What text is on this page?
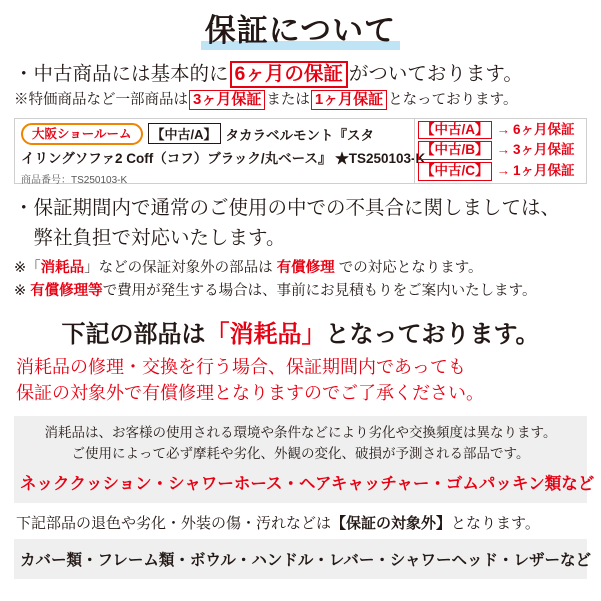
保証について
・中古商品には基本的に 6ヶ月の保証 がついております。
※特価商品など一部商品は 3ヶ月保証 または 1ヶ月保証 となっております。
大阪ショールーム	【中古/A】 タカラベルモント『スタ
イリングソファ2 Coff（コフ）ブラック/丸ベース』 ★TS250103-K
商品番号：TS250103-K
【中古/A】 → 6ヶ月保証
【中古/B】 → 3ヶ月保証
【中古/C】 → 1ヶ月保証
・保証期間内で通常のご使用の中での不具合に関しましては、
　弊社負担で対応いたします。
※「消耗品」などの保証対象外の部品は 有償修理 での対応となります。
※ 有償修理等で費用が発生する場合は、事前にお見積もりをご案内いたします。
下記の部品は「消耗品」となっております。
消耗品の修理・交換を行う場合、保証期間内であっても
保証の対象外で有償修理となりますのでご了承ください。
消耗品は、お客様の使用される環境や条件などにより劣化や交換頻度は異なります。
ご使用によって必ず摩耗や劣化、外観の変化、破損が予測される部品です。
ネッククッション・シャワーホース・ヘアキャッチャー・ゴムパッキン類など
下記部品の退色や劣化・外装の傷・汚れなどは【保証の対象外】となります。
カバー類・フレーム類・ボウル・ハンドル・レバー・シャワーヘッド・レザーなど
